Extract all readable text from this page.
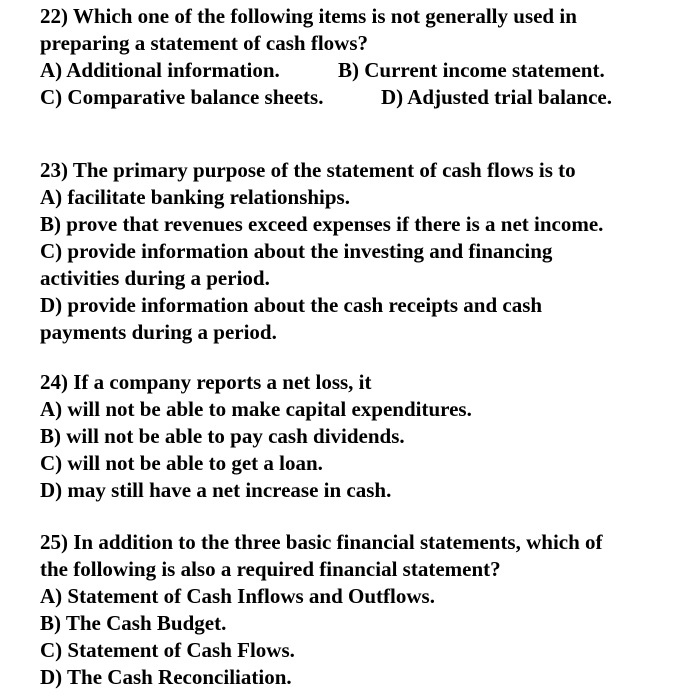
22) Which one of the following items is not generally used in
preparing a statement of cash flows?
A) Additional information.	B) Current income statement.
C) Comparative balance sheets.	D) Adjusted trial balance.
23) The primary purpose of the statement of cash flows is to
A) facilitate banking relationships.
B) prove that revenues exceed expenses if there is a net income.
C) provide information about the investing and financing
activities during a period.
D) provide information about the cash receipts and cash
payments during a period.
24) If a company reports a net loss, it
A) will not be able to make capital expenditures.
B) will not be able to pay cash dividends.
C) will not be able to get a loan.
D) may still have a net increase in cash.
25) In addition to the three basic financial statements, which of
the following is also a required financial statement?
A) Statement of Cash Inflows and Outflows.
B) The Cash Budget.
C) Statement of Cash Flows.
D) The Cash Reconciliation.
